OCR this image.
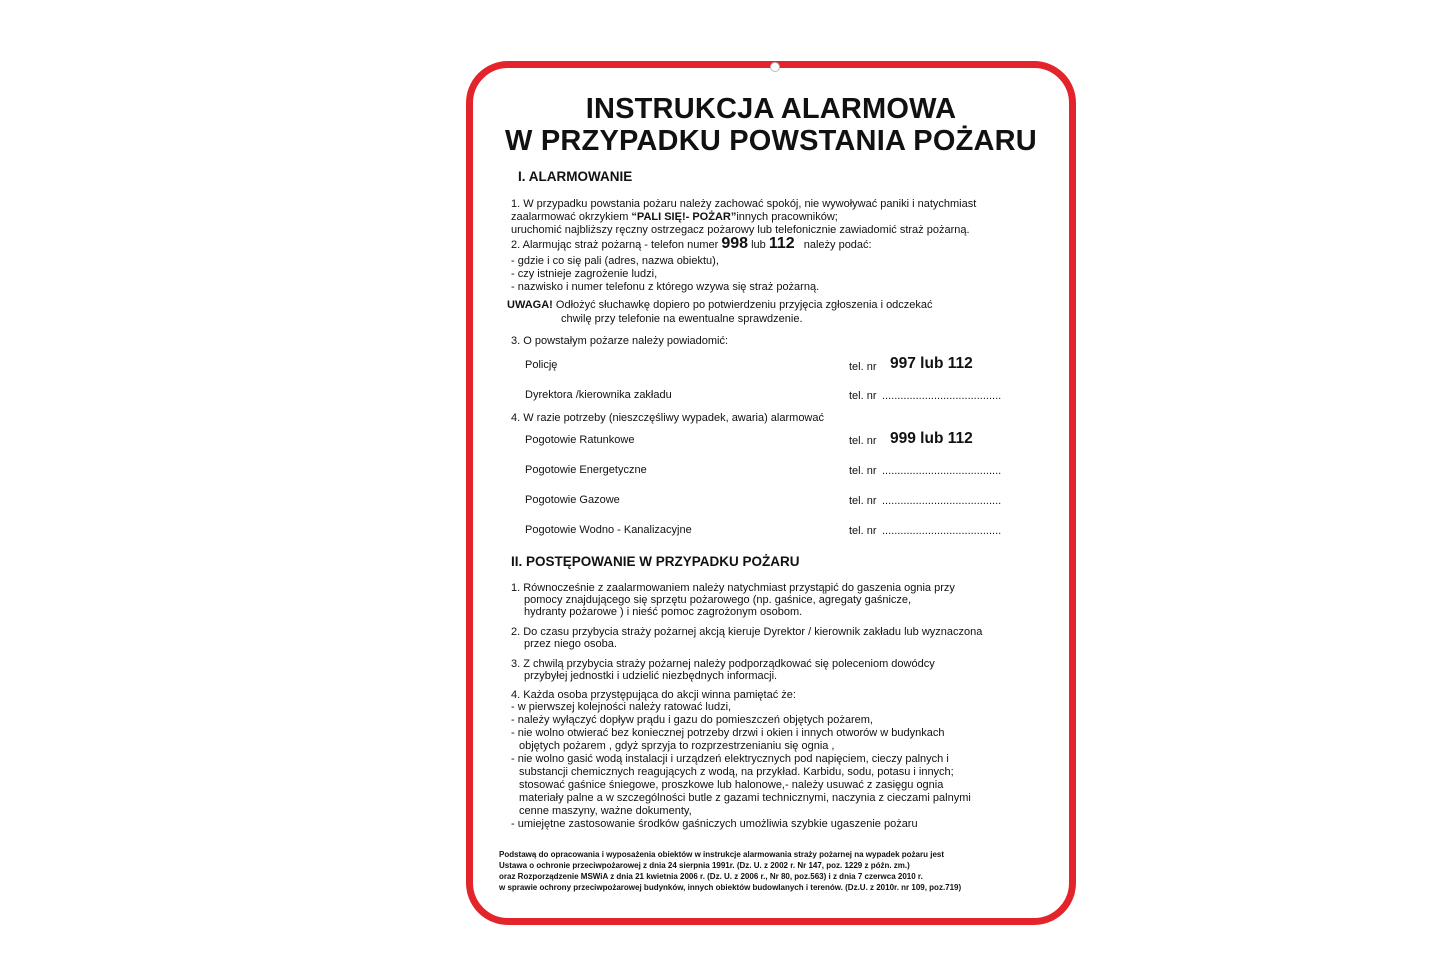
INSTRUKCJA ALARMOWA
W PRZYPADKU POWSTANIA POŻARU
I. ALARMOWANIE
1. W przypadku powstania pożaru należy zachować spokój, nie wywoływać paniki i natychmiast
zaalarmować okrzykiem “PALI SIĘ!- POŻAR”innych pracowników;
uruchomić najbliższy ręczny ostrzegacz pożarowy lub telefonicznie zawiadomić straż pożarną.
2. Alarmując straż pożarną - telefon numer 998 lub 112 należy podać:
- gdzie i co się pali (adres, nazwa obiektu),
- czy istnieje zagrożenie ludzi,
- nazwisko i numer telefonu z którego wzywa się straż pożarną.
UWAGA! Odłożyć słuchawkę dopiero po potwierdzeniu przyjęcia zgłoszenia i odczekać
chwilę przy telefonie na ewentualne sprawdzenie.
3. O powstałym pożarze należy powiadomić:
Policję	tel. nr 997 lub 112
Dyrektora /kierownika zakładu	tel. nr .......................................
4. W razie potrzeby (nieszczęśliwy wypadek, awaria) alarmować
Pogotowie Ratunkowe	tel. nr 999 lub 112
Pogotowie Energetyczne	tel. nr .......................................
Pogotowie Gazowe	tel. nr .......................................
Pogotowie Wodno - Kanalizacyjne	tel. nr .......................................
II. POSTĘPOWANIE W PRZYPADKU POŻARU
1. Równocześnie z zaalarmowaniem należy natychmiast przystąpić do gaszenia ognia przy
pomocy znajdującego się sprzętu pożarowego (np. gaśnice, agregaty gaśnicze,
hydranty pożarowe ) i nieść pomoc zagrożonym osobom.
2. Do czasu przybycia straży pożarnej akcją kieruje Dyrektor / kierownik zakładu lub wyznaczona
przez niego osoba.
3. Z chwilą przybycia straży pożarnej należy podporządkować się poleceniom dowódcy
przybyłej jednostki i udzielić niezbędnych informacji.
4. Każda osoba przystępująca do akcji winna pamiętać że:
- w pierwszej kolejności należy ratować ludzi,
- należy wyłączyć dopływ prądu i gazu do pomieszczeń objętych pożarem,
- nie wolno otwierać bez koniecznej potrzeby drzwi i okien i innych otworów w budynkach
objętych pożarem , gdyż sprzyja to rozprzestrzenianiu się ognia ,
- nie wolno gasić wodą instalacji i urządzeń elektrycznych pod napięciem, cieczy palnych i
substancji chemicznych reagujących z wodą, na przykład. Karbidu, sodu, potasu i innych;
stosować gaśnice śniegowe, proszkowe lub halonowe,- należy usuwać z zasięgu ognia
materiały palne a w szczególności butle z gazami technicznymi, naczynia z cieczami palnymi
cenne maszyny, ważne dokumenty,
- umiejętne zastosowanie środków gaśniczych umożliwia szybkie ugaszenie pożaru
Podstawą do opracowania i wyposażenia obiektów w instrukcje alarmowania straży pożarnej na wypadek pożaru jest
Ustawa o ochronie przeciwpożarowej z dnia 24 sierpnia 1991r. (Dz. U. z 2002 r. Nr 147, poz. 1229 z późn. zm.)
oraz Rozporządzenie MSWiA z dnia 21 kwietnia 2006 r. (Dz. U. z 2006 r., Nr 80, poz.563) i z dnia 7 czerwca 2010 r.
w sprawie ochrony przeciwpożarowej budynków, innych obiektów budowlanych i terenów. (Dz.U. z 2010r. nr 109, poz.719)
